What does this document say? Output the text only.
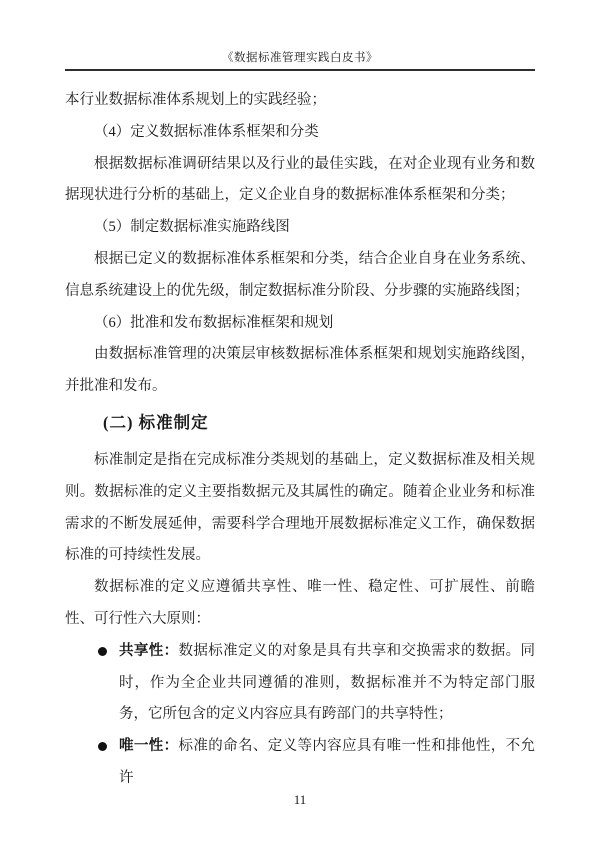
《数据标准管理实践白皮书》

本行业数据标准体系规划上的实践经验；

（4）定义数据标准体系框架和分类

根据数据标准调研结果以及行业的最佳实践，在对企业现有业务和数据现状进行分析的基础上，定义企业自身的数据标准体系框架和分类；

（5）制定数据标准实施路线图

根据已定义的数据标准体系框架和分类，结合企业自身在业务系统、信息系统建设上的优先级，制定数据标准分阶段、分步骤的实施路线图；

（6）批准和发布数据标准框架和规划

由数据标准管理的决策层审核数据标准体系框架和规划实施路线图，并批准和发布。

(二) 标准制定

标准制定是指在完成标准分类规划的基础上，定义数据标准及相关规则。数据标准的定义主要指数据元及其属性的确定。随着企业业务和标准需求的不断发展延伸，需要科学合理地开展数据标准定义工作，确保数据标准的可持续性发展。

数据标准的定义应遵循共享性、唯一性、稳定性、可扩展性、前瞻性、可行性六大原则：

共享性：数据标准定义的对象是具有共享和交换需求的数据。同时，作为全企业共同遵循的准则，数据标准并不为特定部门服务，它所包含的定义内容应具有跨部门的共享特性；

唯一性：标准的命名、定义等内容应具有唯一性和排他性，不允许

11
